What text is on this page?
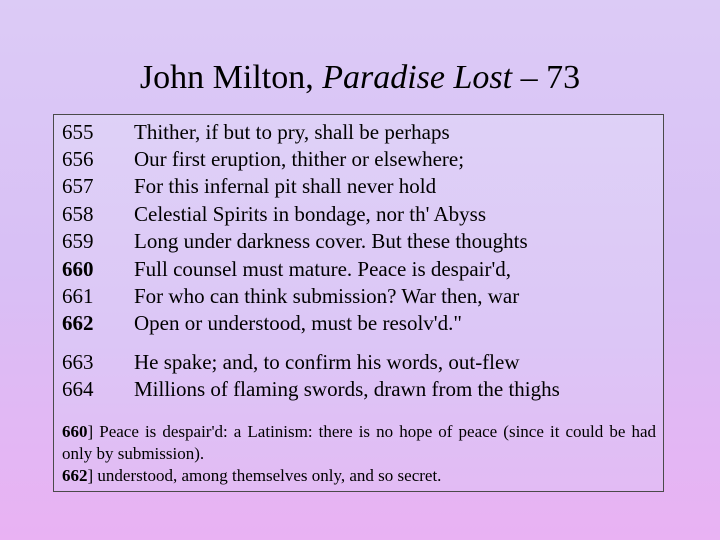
John Milton, Paradise Lost – 73
655 Thither, if but to pry, shall be perhaps
656 Our first eruption, thither or elsewhere;
657 For this infernal pit shall never hold
658 Celestial Spirits in bondage, nor th' Abyss
659 Long under darkness cover. But these thoughts
660 Full counsel must mature. Peace is despair'd,
661 For who can think submission? War then, war
662 Open or understood, must be resolv'd."
663 He spake; and, to confirm his words, out-flew
664 Millions of flaming swords, drawn from the thighs

660] Peace is despair'd: a Latinism: there is no hope of peace (since it could be had only by submission).

662] understood, among themselves only, and so secret.
